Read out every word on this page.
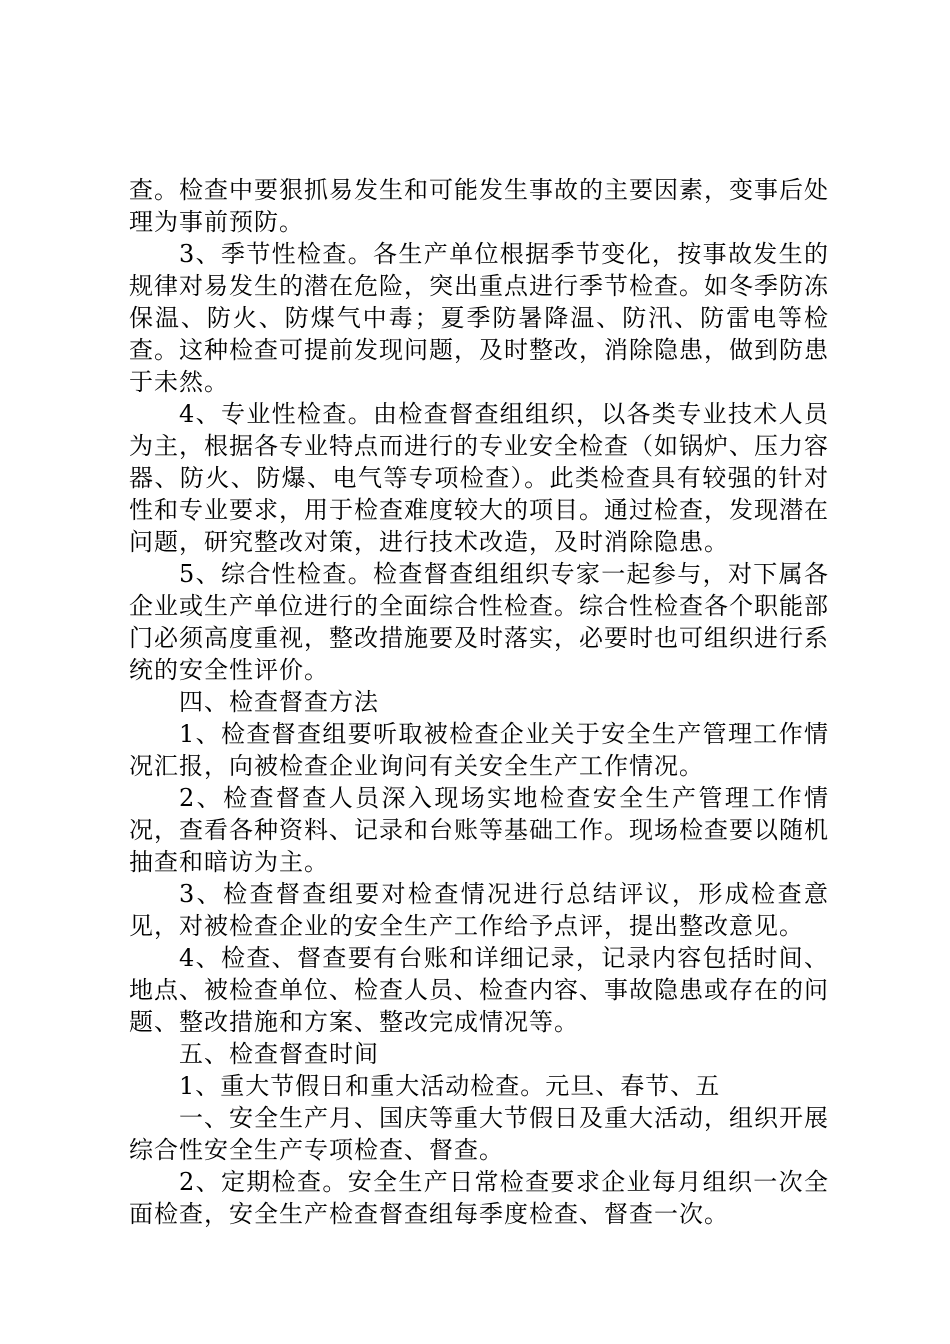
查。检查中要狠抓易发生和可能发生事故的主要因素，变事后处理为事前预防。

3、季节性检查。各生产单位根据季节变化，按事故发生的规律对易发生的潜在危险，突出重点进行季节检查。如冬季防冻保温、防火、防煤气中毒；夏季防暑降温、防汛、防雷电等检查。这种检查可提前发现问题，及时整改，消除隐患，做到防患于未然。

4、专业性检查。由检查督查组组织，以各类专业技术人员为主，根据各专业特点而进行的专业安全检查（如锅炉、压力容器、防火、防爆、电气等专项检查）。此类检查具有较强的针对性和专业要求，用于检查难度较大的项目。通过检查，发现潜在问题，研究整改对策，进行技术改造，及时消除隐患。

5、综合性检查。检查督查组组织专家一起参与，对下属各企业或生产单位进行的全面综合性检查。综合性检查各个职能部门必须高度重视，整改措施要及时落实，必要时也可组织进行系统的安全性评价。

四、检查督查方法

1、检查督查组要听取被检查企业关于安全生产管理工作情况汇报，向被检查企业询问有关安全生产工作情况。

2、检查督查人员深入现场实地检查安全生产管理工作情况，查看各种资料、记录和台账等基础工作。现场检查要以随机抽查和暗访为主。

3、检查督查组要对检查情况进行总结评议，形成检查意见，对被检查企业的安全生产工作给予点评，提出整改意见。

4、检查、督查要有台账和详细记录，记录内容包括时间、地点、被检查单位、检查人员、检查内容、事故隐患或存在的问题、整改措施和方案、整改完成情况等。

五、检查督查时间

1、重大节假日和重大活动检查。元旦、春节、五

一、安全生产月、国庆等重大节假日及重大活动，组织开展综合性安全生产专项检查、督查。

2、定期检查。安全生产日常检查要求企业每月组织一次全面检查，安全生产检查督查组每季度检查、督查一次。
